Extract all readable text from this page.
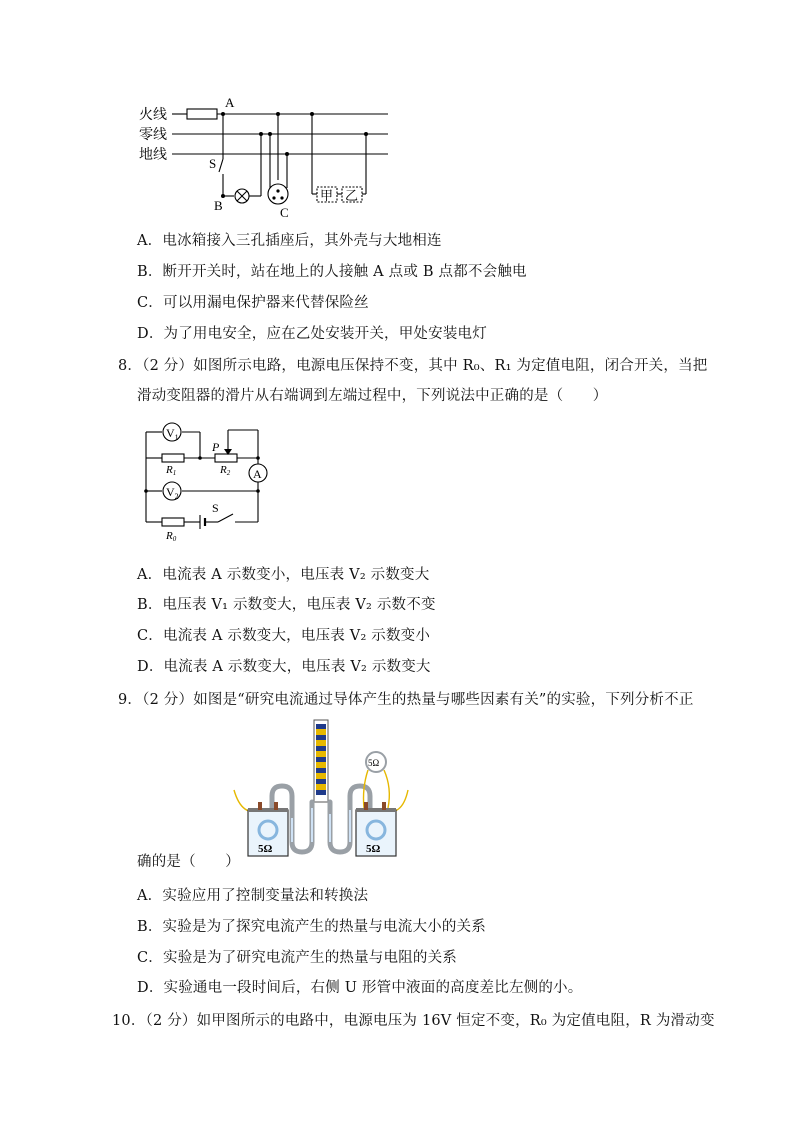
火线
零线
地线
A
S
B	C
甲 乙
A．电冰箱接入三孔插座后，其外壳与大地相连
B．断开开关时，站在地上的人接触 A 点或 B 点都不会触电
C．可以用漏电保护器来代替保险丝
D．为了用电安全，应在乙处安装开关，甲处安装电灯
8．（2 分）如图所示电路，电源电压保持不变，其中 R₀、R₁ 为定值电阻，闭合开关，当把
滑动变阻器的滑片从右端调到左端过程中，下列说法中正确的是（　　）
$V_1$
P
R1	R2 A
$V_2$
S
R0
A．电流表 A 示数变小，电压表 V₂ 示数变大
B．电压表 V₁ 示数变大，电压表 V₂ 示数不变
C．电流表 A 示数变大，电压表 V₂ 示数变小
D．电流表 A 示数变大，电压表 V₂ 示数变大
9．（2 分）如图是“研究电流通过导体产生的热量与哪些因素有关”的实验，下列分析不正
5Ω
5Ω	5Ω
确的是（　　）
A．实验应用了控制变量法和转换法
B．实验是为了探究电流产生的热量与电流大小的关系
C．实验是为了研究电流产生的热量与电阻的关系
D．实验通电一段时间后，右侧 U 形管中液面的高度差比左侧的小。
10．（2 分）如甲图所示的电路中，电源电压为 16V 恒定不变，R₀ 为定值电阻，R 为滑动变
